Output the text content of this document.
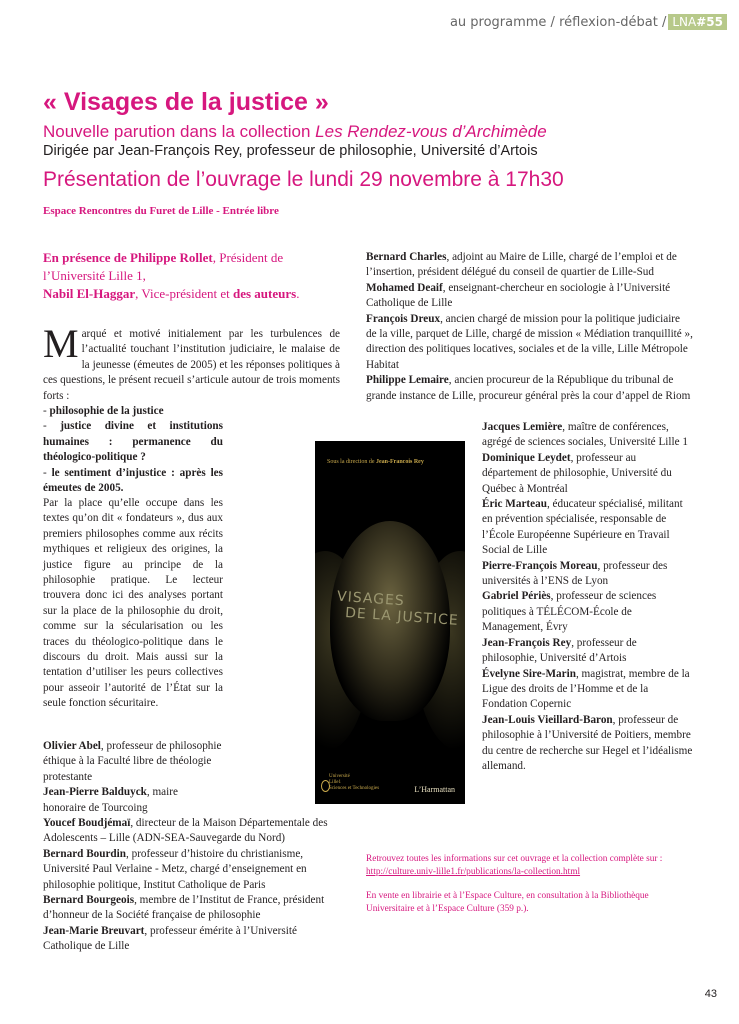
au programme / réflexion-débat / LNA#55
« Visages de la justice »
Nouvelle parution dans la collection Les Rendez-vous d’Archimède
Dirigée par Jean-François Rey, professeur de philosophie, Université d’Artois
Présentation de l’ouvrage le lundi 29 novembre à 17h30
Espace Rencontres du Furet de Lille - Entrée libre
En présence de Philippe Rollet, Président de l’Université Lille 1,
Nabil El-Haggar, Vice-président et des auteurs.
Marqué et motivé initialement par les turbulences de l’actualité touchant l’institution judiciaire, le malaise de la jeunesse (émeutes de 2005) et les réponses politiques à ces questions, le présent recueil s’articule autour de trois moments forts :
- philosophie de la justice

- justice divine et institutions humaines : permanence du théologico-politique ?
- le sentiment d’injustice : après les émeutes de 2005.
Par la place qu’elle occupe dans les textes qu’on dit « fondateurs », dus aux premiers philosophes comme aux récits mythiques et religieux des origines, la justice figure au principe de la philosophie pratique. Le lecteur trouvera donc ici des analyses portant sur la place de la philosophie du droit, comme sur la sécularisation ou les traces du théologico-politique dans le discours du droit. Mais aussi sur la tentation d’utiliser les peurs collectives pour asseoir l’autorité de l’État sur la seule fonction sécuritaire.
Olivier Abel, professeur de philosophie éthique à la Faculté libre de théologie protestante
Jean-Pierre Balduyck, maire honoraire de Tourcoing
Youcef Boudjémaï, directeur de la Maison Départementale des Adolescents – Lille (ADN-SEA-Sauvegarde du Nord)
Bernard Bourdin, professeur d’histoire du christianisme, Université Paul Verlaine - Metz, chargé d’enseignement en philosophie politique, Institut Catholique de Paris
Bernard Bourgeois, membre de l’Institut de France, président d’honneur de la Société française de philosophie
Jean-Marie Breuvart, professeur émérite à l’Université Catholique de Lille
Sous la direction de Jean-Francois Rey
VISAGES
DE LA JUSTICE
Université
Lille1
Sciences et Technologies	L’Harmattan
Bernard Charles, adjoint au Maire de Lille, chargé de l’emploi et de l’insertion, président délégué du conseil de quartier de Lille-Sud
Mohamed Deaif, enseignant-chercheur en sociologie à l’Université Catholique de Lille
François Dreux, ancien chargé de mission pour la politique judiciaire de la ville, parquet de Lille, chargé de mission « Médiation tranquillité », direction des politiques locatives, sociales et de la ville, Lille Métropole Habitat
Philippe Lemaire, ancien procureur de la République du tribunal de grande instance de Lille, procureur général près la cour d’appel de Riom
Jacques Lemière, maître de conférences, agrégé de sciences sociales, Université Lille 1
Dominique Leydet, professeur au département de philosophie, Université du Québec à Montréal
Éric Marteau, éducateur spécialisé, militant en prévention spécialisée, responsable de l’École Européenne Supérieure en Travail Social de Lille
Pierre-François Moreau, professeur des universités à l’ENS de Lyon
Gabriel Périès, professeur de sciences politiques à TÉLÉCOM-École de Management, Évry
Jean-François Rey, professeur de philosophie, Université d’Artois
Évelyne Sire-Marin, magistrat, membre de la Ligue des droits de l’Homme et de la Fondation Copernic
Jean-Louis Vieillard-Baron, professeur de philosophie à l’Université de Poitiers, membre du centre de recherche sur Hegel et l’idéalisme allemand.
Retrouvez toutes les informations sur cet ouvrage et la collection complète sur : http://culture.univ-lille1.fr/publications/la-collection.html
En vente en librairie et à l’Espace Culture, en consultation à la Bibliothèque Universitaire et à l’Espace Culture (359 p.).
43
